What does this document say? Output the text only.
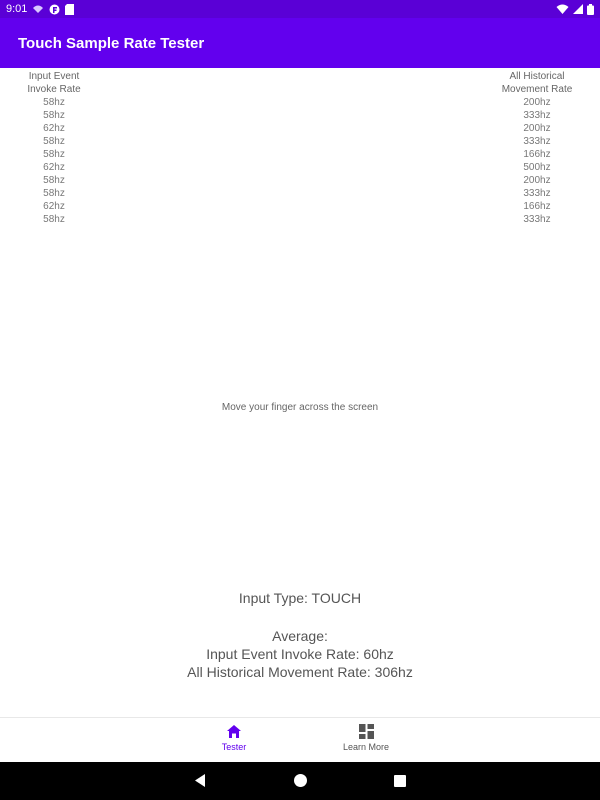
9:01
Touch Sample Rate Tester
Input Event
Invoke Rate
58hz
58hz
62hz
58hz
58hz
62hz
58hz
58hz
62hz
58hz
All Historical
Movement Rate
200hz
333hz
200hz
333hz
166hz
500hz
200hz
333hz
166hz
333hz
Move your finger across the screen
Input Type: TOUCH
Average:
Input Event Invoke Rate: 60hz
All Historical Movement Rate: 306hz
Tester	Learn More
